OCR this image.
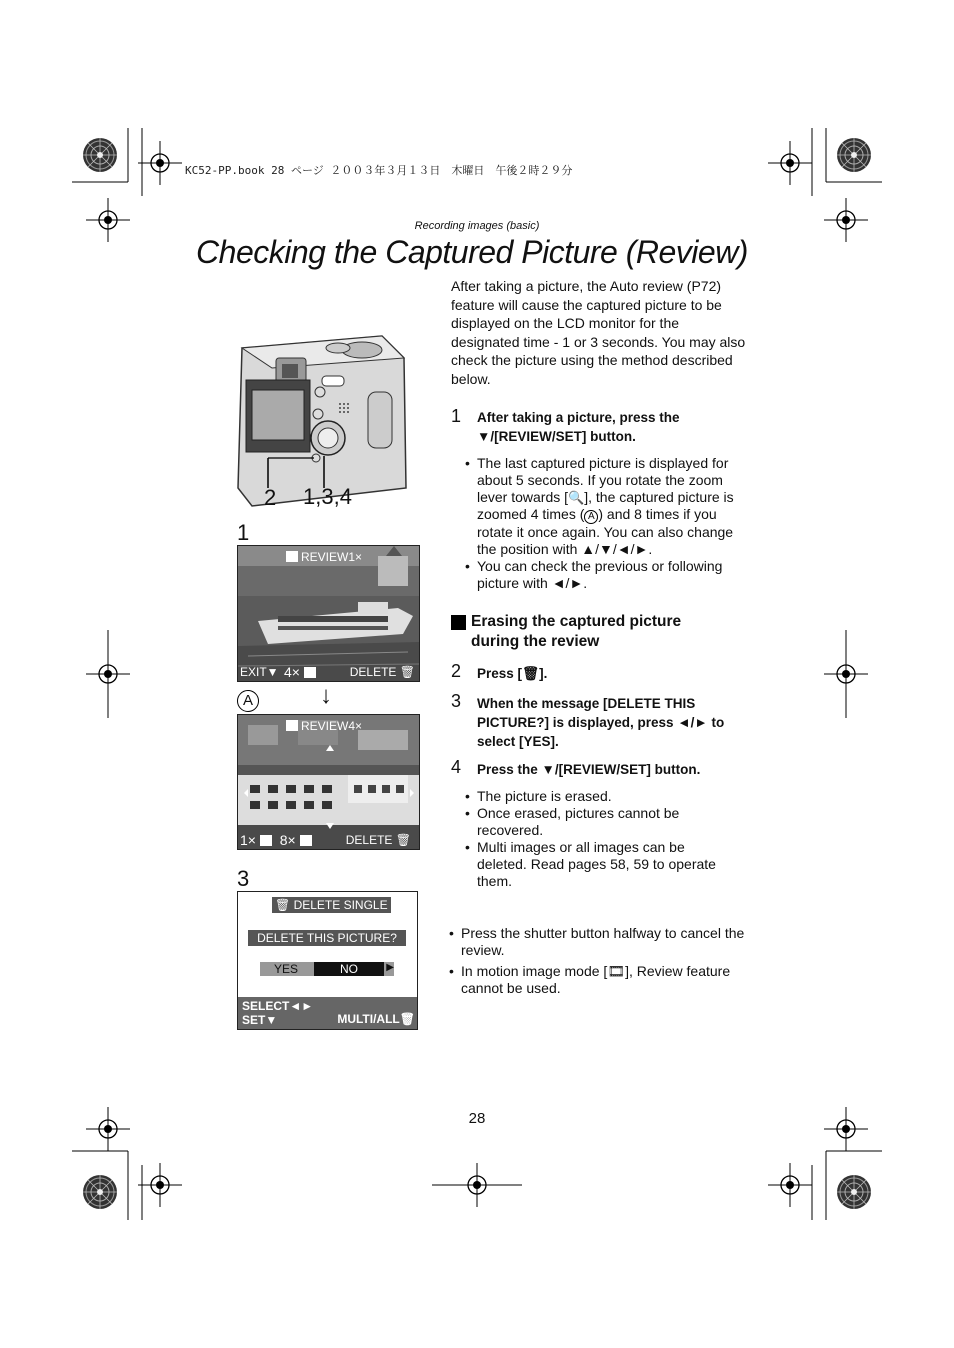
KC52-PP.book 28 ページ ２００３年３月１３日　木曜日　午後２時２９分
Recording images (basic)
Checking the Captured Picture (Review)
After taking a picture, the Auto review (P72) feature will cause the captured picture to be displayed on the LCD monitor for the designated time - 1 or 3 seconds. You may also check the picture using the method described below.
2 1,3,4
1
REVIEW1×
EXIT▼ 4×	DELETE 🗑
↓
A
REVIEW4×
1× 8×	DELETE 🗑
3
🗑 DELETE SINGLE
DELETE THIS PICTURE?
YES	NO	▶
SELECT◄►
SET▼	MULTI/ALL🗑
1 After taking a picture, press the ▼/[REVIEW/SET] button.
• The last captured picture is displayed for about 5 seconds. If you rotate the zoom lever towards [🔍], the captured picture is zoomed 4 times ( A ) and 8 times if you rotate it once again. You can also change the position with ▲/▼/◄/►.
• You can check the previous or following picture with ◄/►.
Erasing the captured picture during the review
2 Press [🗑].
3 When the message [DELETE THIS PICTURE?] is displayed, press ◄/► to select [YES].
4 Press the ▼/[REVIEW/SET] button.
• The picture is erased.
• Once erased, pictures cannot be recovered.
• Multi images or all images can be deleted. Read pages 58, 59 to operate them.
• Press the shutter button halfway to cancel the review.
• In motion image mode [🎞], Review feature cannot be used.
28
